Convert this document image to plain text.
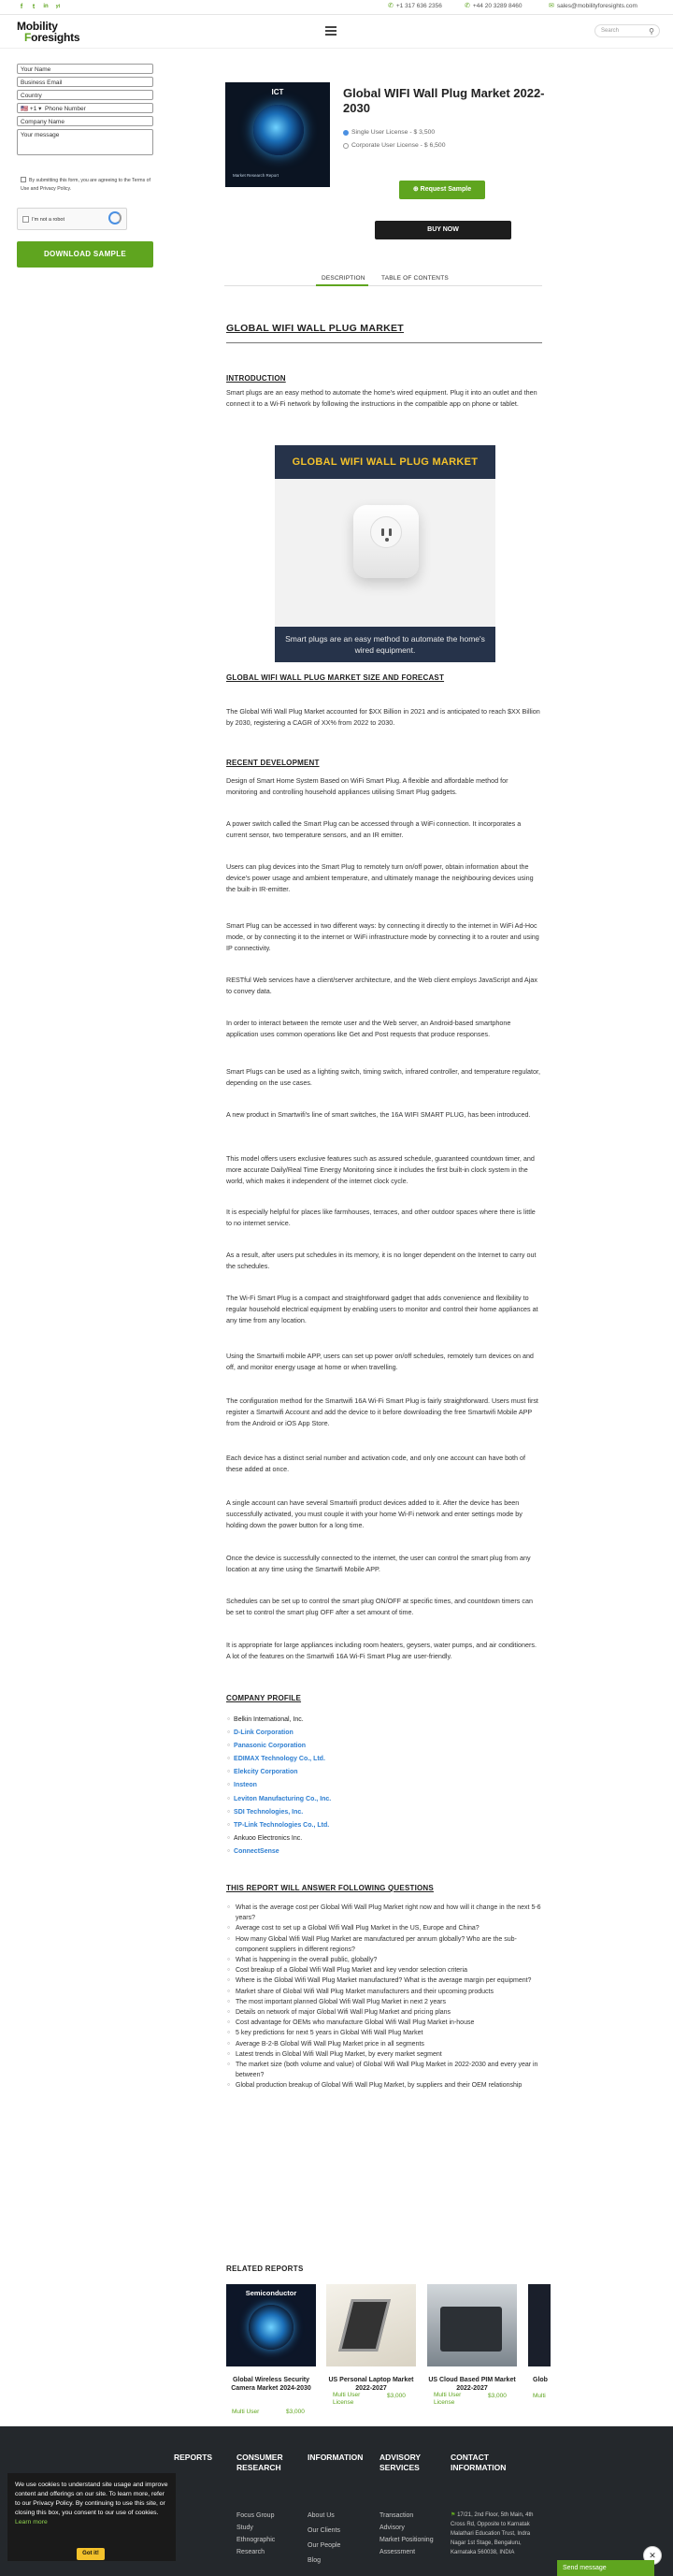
f	t	in	yt	✆ +1 317 636 2356	✆ +44 20 3289 8460	✉ sales@mobilityforesights.com
Mobility
Foresights	Search	⚲
Your Name
Business Email
Country
🇺🇸 +1 ▾  Phone Number
Company Name
Your message
By submitting this form, you are agreeing to the Terms of Use and Privacy Policy.
I'm not a robot
DOWNLOAD SAMPLE
ICT
Market Research Report
Global WIFI Wall Plug Market 2022-2030
Single User License - $ 3,500
Corporate User License - $ 6,500
⊕ Request Sample
BUY NOW
DESCRIPTION	TABLE OF CONTENTS
GLOBAL WIFI WALL PLUG MARKET
INTRODUCTION
Smart plugs are an easy method to automate the home's wired equipment. Plug it into an outlet and then connect it to a Wi-Fi network by following the instructions in the compatible app on phone or tablet.
GLOBAL WIFI WALL PLUG MARKET
Smart plugs are an easy method to automate the home's wired equipment.
GLOBAL WIFI WALL PLUG MARKET SIZE AND FORECAST
The Global Wifi Wall Plug Market accounted for $XX Billion in 2021 and is anticipated to reach $XX Billion by 2030, registering a CAGR of XX% from 2022 to 2030.
RECENT DEVELOPMENT
Design of Smart Home System Based on WiFi Smart Plug. A flexible and affordable method for monitoring and controlling household appliances utilising Smart Plug gadgets.
A power switch called the Smart Plug can be accessed through a WiFi connection. It incorporates a current sensor, two temperature sensors, and an IR emitter.
Users can plug devices into the Smart Plug to remotely turn on/off power, obtain information about the device's power usage and ambient temperature, and ultimately manage the neighbouring devices using the built-in IR-emitter.
Smart Plug can be accessed in two different ways: by connecting it directly to the internet in WiFi Ad-Hoc mode, or by connecting it to the internet or WiFi infrastructure mode by connecting it to a router and using IP connectivity.
RESTful Web services have a client/server architecture, and the Web client employs JavaScript and Ajax to convey data.
In order to interact between the remote user and the Web server, an Android-based smartphone application uses common operations like Get and Post requests that produce responses.
Smart Plugs can be used as a lighting switch, timing switch, infrared controller, and temperature regulator, depending on the use cases.
A new product in Smartwifi's line of smart switches, the 16A WIFI SMART PLUG, has been introduced.
This model offers users exclusive features such as assured schedule, guaranteed countdown timer, and more accurate Daily/Real Time Energy Monitoring since it includes the first built-in clock system in the world, which makes it independent of the internet clock cycle.
It is especially helpful for places like farmhouses, terraces, and other outdoor spaces where there is little to no internet service.
As a result, after users put schedules in its memory, it is no longer dependent on the Internet to carry out the schedules.
The Wi-Fi Smart Plug is a compact and straightforward gadget that adds convenience and flexibility to regular household electrical equipment by enabling users to monitor and control their home appliances at any time from any location.
Using the Smartwifi mobile APP, users can set up power on/off schedules, remotely turn devices on and off, and monitor energy usage at home or when travelling.
The configuration method for the Smartwifi 16A Wi-Fi Smart Plug is fairly straightforward. Users must first register a Smartwifi Account and add the device to it before downloading the free Smartwifi Mobile APP from the Android or iOS App Store.
Each device has a distinct serial number and activation code, and only one account can have both of these added at once.
A single account can have several Smartwifi product devices added to it. After the device has been successfully activated, you must couple it with your home Wi-Fi network and enter settings mode by holding down the power button for a long time.
Once the device is successfully connected to the internet, the user can control the smart plug from any location at any time using the Smartwifi Mobile APP.
Schedules can be set up to control the smart plug ON/OFF at specific times, and countdown timers can be set to control the smart plug OFF after a set amount of time.
It is appropriate for large appliances including room heaters, geysers, water pumps, and air conditioners. A lot of the features on the Smartwifi 16A Wi-Fi Smart Plug are user-friendly.
COMPANY PROFILE
○ Belkin International, Inc.
○ D-Link Corporation
○ Panasonic Corporation
○ EDIMAX Technology Co., Ltd.
○ Elekcity Corporation
○ Insteon
○ Leviton Manufacturing Co., Inc.
○ SDI Technologies, Inc.
○ TP-Link Technologies Co., Ltd.
○ Ankuoo Electronics Inc.
○ ConnectSense
THIS REPORT WILL ANSWER FOLLOWING QUESTIONS
○ What is the average cost per Global Wifi Wall Plug Market right now and how will it change in the next 5-6 years?
○ Average cost to set up a Global Wifi Wall Plug Market in the US, Europe and China?
○ How many Global Wifi Wall Plug Market are manufactured per annum globally? Who are the sub-component suppliers in different regions?
○ What is happening in the overall public, globally?
○ Cost breakup of a Global Wifi Wall Plug Market and key vendor selection criteria
○ Where is the Global Wifi Wall Plug Market manufactured? What is the average margin per equipment?
○ Market share of Global Wifi Wall Plug Market manufacturers and their upcoming products
○ The most important planned Global Wifi Wall Plug Market in next 2 years
○ Details on network of major Global Wifi Wall Plug Market and pricing plans
○ Cost advantage for OEMs who manufacture Global Wifi Wall Plug Market in-house
○ 5 key predictions for next 5 years in Global Wifi Wall Plug Market
○ Average B-2-B Global Wifi Wall Plug Market price in all segments
○ Latest trends in Global Wifi Wall Plug Market, by every market segment
○ The market size (both volume and value) of Global Wifi Wall Plug Market in 2022-2030 and every year in between?
○ Global production breakup of Global Wifi Wall Plug Market, by suppliers and their OEM relationship
RELATED REPORTS
Semiconductor
Global Wireless Security Camera Market 2024-2030
Multi User	$3,000
US Personal Laptop Market 2022-2027
Multi User License
$3,000
US Cloud Based PIM Market 2022-2027
Multi User License
$3,000
Glob
Multi
REPORTS	CONSUMER RESEARCH
Focus Group Study
Ethnographic Research
INFORMATION
About Us
Our Clients
Our People
Blog
ADVISORY SERVICES
Transaction Advisory
Market Positioning Assessment
CONTACT INFORMATION
⚑ 17/21, 2nd Floor, 5th Main, 4th Cross Rd, Opposite to Karnatak Malathari Education Trust, Indra Nagar 1st Stage, Bengaluru, Karnataka 560038, INDIA
We use cookies to understand site usage and improve content and offerings on our site. To learn more, refer to our Privacy Policy. By continuing to use this site, or closing this box, you consent to our use of cookies. Learn more
Got it!	✕
Send message
